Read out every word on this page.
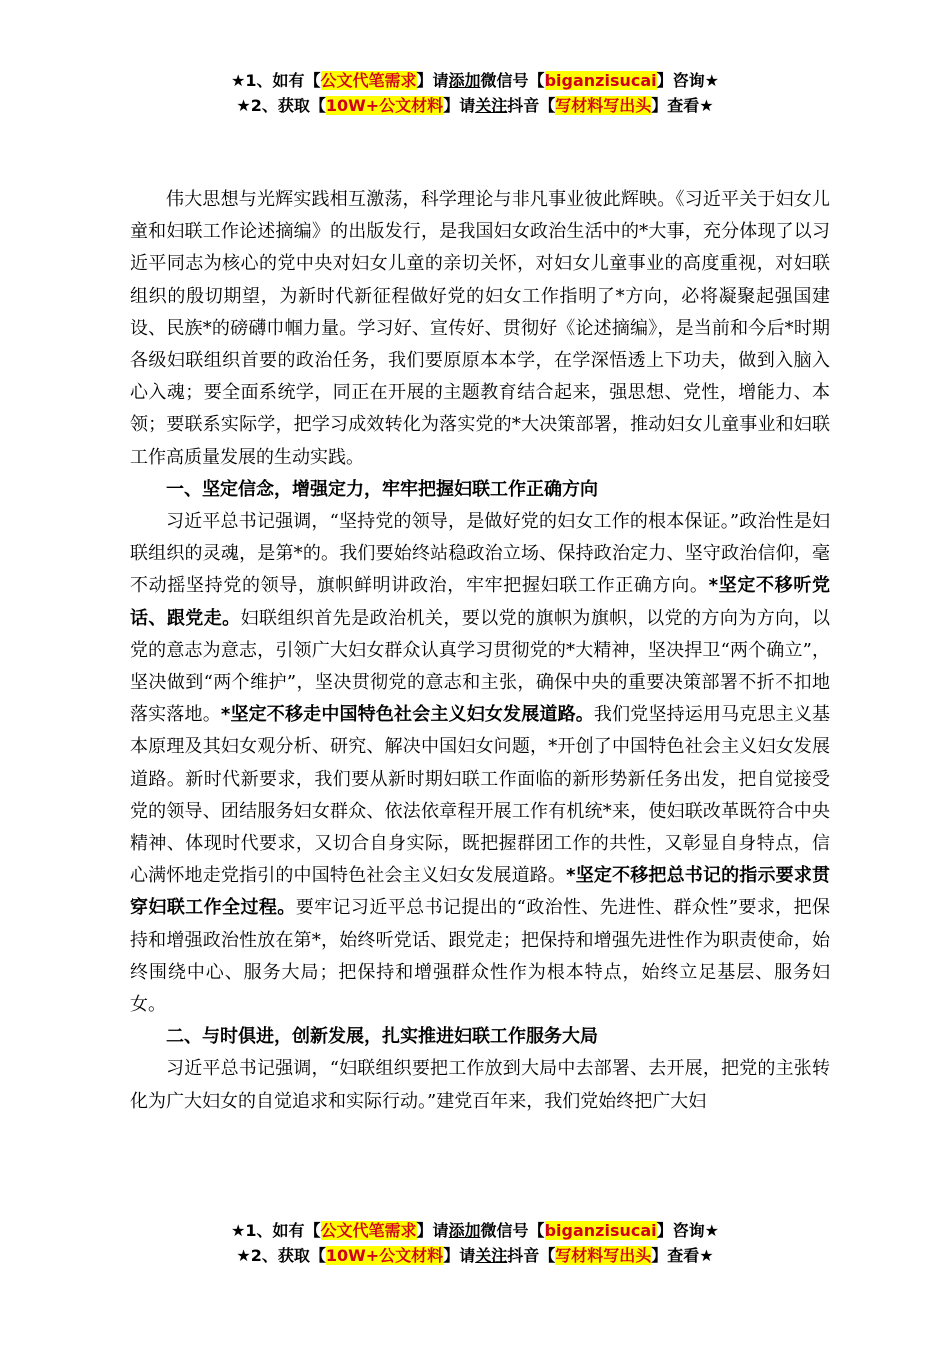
★1、如有【公文代笔需求】请添加微信号【biganzisucai】咨询★
★2、获取【10W+公文材料】请关注抖音【写材料写出头】查看★

伟大思想与光辉实践相互激荡，科学理论与非凡事业彼此辉映。《习近平关于妇女儿童和妇联工作论述摘编》的出版发行，是我国妇女政治生活中的*大事，充分体现了以习近平同志为核心的党中央对妇女儿童的亲切关怀，对妇女儿童事业的高度重视，对妇联组织的殷切期望，为新时代新征程做好党的妇女工作指明了*方向，必将凝聚起强国建设、民族*的磅礴巾帼力量。学习好、宣传好、贯彻好《论述摘编》，是当前和今后*时期各级妇联组织首要的政治任务，我们要原原本本学，在学深悟透上下功夫，做到入脑入心入魂；要全面系统学，同正在开展的主题教育结合起来，强思想、党性，增能力、本领；要联系实际学，把学习成效转化为落实党的*大决策部署，推动妇女儿童事业和妇联工作高质量发展的生动实践。

一、坚定信念，增强定力，牢牢把握妇联工作正确方向

习近平总书记强调，“坚持党的领导，是做好党的妇女工作的根本保证。”政治性是妇联组织的灵魂，是第*的。我们要始终站稳政治立场、保持政治定力、坚守政治信仰，毫不动摇坚持党的领导，旗帜鲜明讲政治，牢牢把握妇联工作正确方向。*坚定不移听党话、跟党走。妇联组织首先是政治机关，要以党的旗帜为旗帜，以党的方向为方向，以党的意志为意志，引领广大妇女群众认真学习贯彻党的*大精神，坚决捍卫“两个确立”，坚决做到“两个维护”，坚决贯彻党的意志和主张，确保中央的重要决策部署不折不扣地落实落地。*坚定不移走中国特色社会主义妇女发展道路。我们党坚持运用马克思主义基本原理及其妇女观分析、研究、解决中国妇女问题，*开创了中国特色社会主义妇女发展道路。新时代新要求，我们要从新时期妇联工作面临的新形势新任务出发，把自觉接受党的领导、团结服务妇女群众、依法依章程开展工作有机统*来，使妇联改革既符合中央精神、体现时代要求，又切合自身实际，既把握群团工作的共性，又彰显自身特点，信心满怀地走党指引的中国特色社会主义妇女发展道路。*坚定不移把总书记的指示要求贯穿妇联工作全过程。要牢记习近平总书记提出的“政治性、先进性、群众性”要求，把保持和增强政治性放在第*，始终听党话、跟党走；把保持和增强先进性作为职责使命，始终围绕中心、服务大局；把保持和增强群众性作为根本特点，始终立足基层、服务妇女。

二、与时俱进，创新发展，扎实推进妇联工作服务大局

习近平总书记强调，“妇联组织要把工作放到大局中去部署、去开展，把党的主张转化为广大妇女的自觉追求和实际行动。”建党百年来，我们党始终把广大妇

★1、如有【公文代笔需求】请添加微信号【biganzisucai】咨询★
★2、获取【10W+公文材料】请关注抖音【写材料写出头】查看★
